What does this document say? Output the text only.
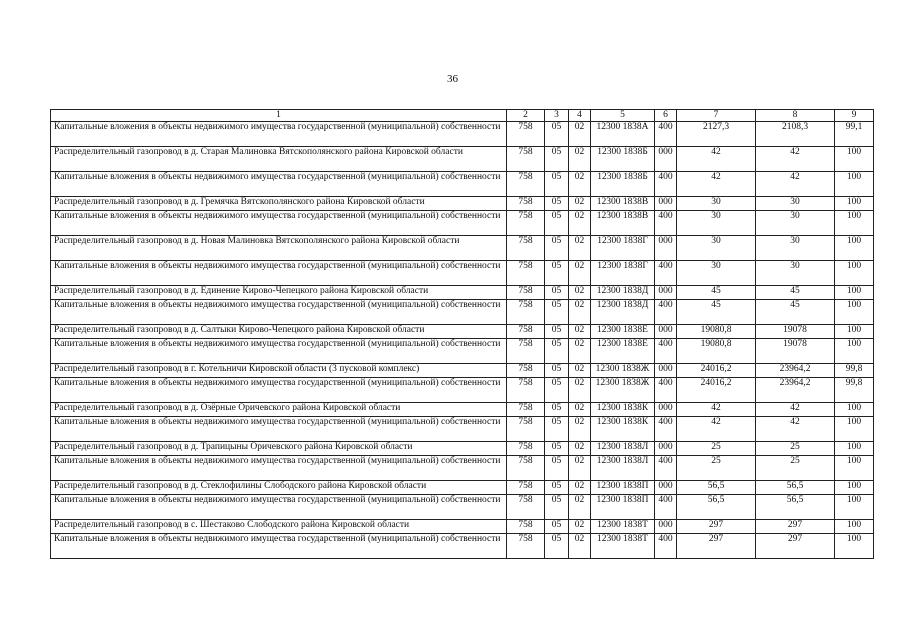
36
1	2	3	4	5	6	7	8	9
Капитальные вложения в объекты недвижимого имущества государственной (муниципальной) собственности	758	05	02	12300 1838А	400	2127,3	2108,3	99,1
Распределительный газопровод в д. Старая Малиновка Вятскополянского района Кировской области	758	05	02	12300 1838Б	000	42	42	100
Капитальные вложения в объекты недвижимого имущества государственной (муниципальной) собственности	758	05	02	12300 1838Б	400	42	42	100
Распределительный газопровод в д. Гремячка Вятскополянского района Кировской области	758	05	02	12300 1838В	000	30	30	100
Капитальные вложения в объекты недвижимого имущества государственной (муниципальной) собственности	758	05	02	12300 1838В	400	30	30	100
Распределительный газопровод в д. Новая Малиновка Вятскополянского района Кировской области	758	05	02	12300 1838Г	000	30	30	100
Капитальные вложения в объекты недвижимого имущества государственной (муниципальной) собственности	758	05	02	12300 1838Г	400	30	30	100
Распределительный газопровод в д. Единение Кирово-Чепецкого района Кировской области	758	05	02	12300 1838Д	000	45	45	100
Капитальные вложения в объекты недвижимого имущества государственной (муниципальной) собственности	758	05	02	12300 1838Д	400	45	45	100
Распределительный газопровод в д. Салтыки Кирово-Чепецкого района Кировской области	758	05	02	12300 1838Е	000	19080,8	19078	100
Капитальные вложения в объекты недвижимого имущества государственной (муниципальной) собственности	758	05	02	12300 1838Е	400	19080,8	19078	100
Распределительный газопровод в г. Котельничи Кировской области (3 пусковой комплекс)	758	05	02	12300 1838Ж	000	24016,2	23964,2	99,8
Капитальные вложения в объекты недвижимого имущества государственной (муниципальной) собственности	758	05	02	12300 1838Ж	400	24016,2	23964,2	99,8
Распределительный газопровод в д. Озёрные Оричевского района Кировской области	758	05	02	12300 1838К	000	42	42	100
Капитальные вложения в объекты недвижимого имущества государственной (муниципальной) собственности	758	05	02	12300 1838К	400	42	42	100
Распределительный газопровод в д. Трапицыны Оричевского района Кировской области	758	05	02	12300 1838Л	000	25	25	100
Капитальные вложения в объекты недвижимого имущества государственной (муниципальной) собственности	758	05	02	12300 1838Л	400	25	25	100
Распределительный газопровод в д. Стеклофилины Слободского района Кировской области	758	05	02	12300 1838П	000	56,5	56,5	100
Капитальные вложения в объекты недвижимого имущества государственной (муниципальной) собственности	758	05	02	12300 1838П	400	56,5	56,5	100
Распределительный газопровод в с. Шестаково Слободского района Кировской области	758	05	02	12300 1838Т	000	297	297	100
Капитальные вложения в объекты недвижимого имущества государственной (муниципальной) собственности	758	05	02	12300 1838Т	400	297	297	100
